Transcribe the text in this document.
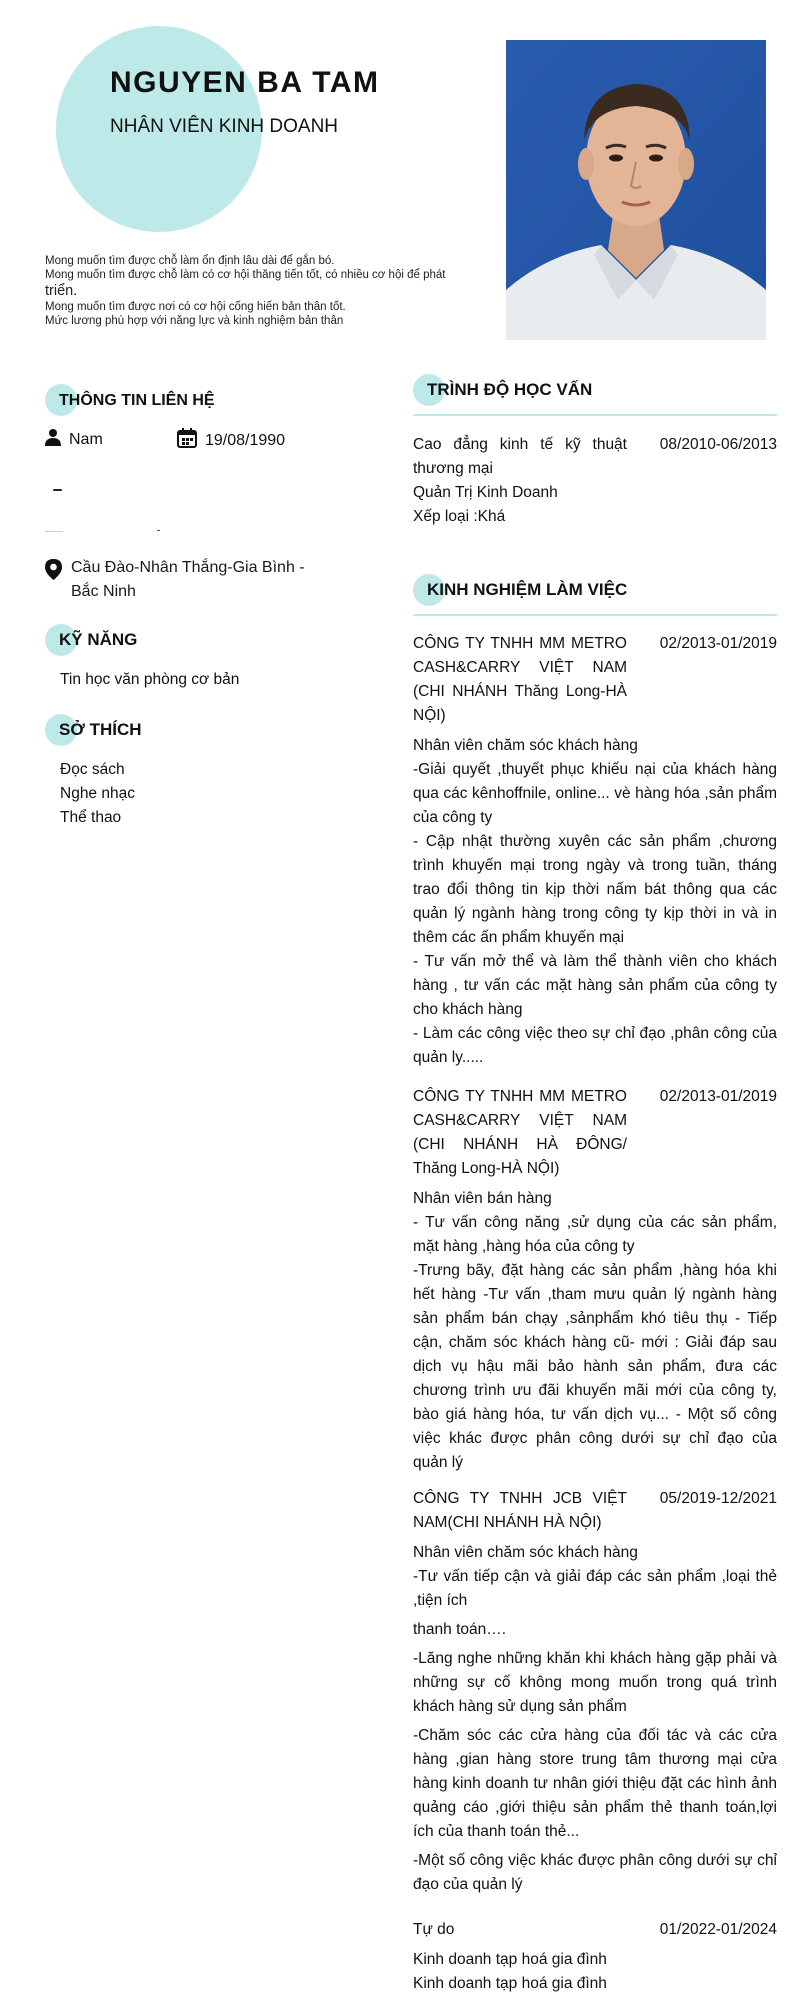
NGUYEN BA TAM
NHÂN VIÊN KINH DOANH
Mong muốn tìm được chỗ làm ổn định lâu dài để gắn bó.
Mong muốn tìm được chỗ làm có cơ hội thăng tiến tốt, có nhiều cơ hội để phát
triển.
Mong muốn tìm được nơi có cơ hội cống hiến bản thân tốt.
Mức lương phù hợp với năng lực và kinh nghiệm bản thân
THÔNG TIN LIÊN HỆ
Nam	19/08/1990
Cầu Đào-Nhân Thắng-Gia Bình - Bắc Ninh
KỸ NĂNG
Tin học văn phòng cơ bản
SỞ THÍCH
Đọc sách
Nghe nhạc
Thể thao
TRÌNH ĐỘ HỌC VẤN
Cao đẳng kinh tế kỹ thuật thương mại
08/2010-06/2013
Quản Trị Kinh Doanh
Xếp loại :Khá
KINH NGHIỆM LÀM VIỆC
CÔNG TY TNHH MM METRO CASH&CARRY VIỆT NAM (CHI NHÁNH Thăng Long-HÀ NỘI)
02/2013-01/2019
Nhân viên chăm sóc khách hàng
-Giải quyết ,thuyết phục khiếu nại của khách hàng qua các kênhoffnile, online... vè hàng hóa ,sản phẩm của công ty
- Cập nhật thường xuyên các sản phẩm ,chương trình khuyến mại trong ngày và trong tuần, tháng trao đổi thông tin kịp thời nấm bát thông qua các quản lý ngành hàng trong công ty kịp thời in và in thêm các ấn phẩm khuyến mại
- Tư vấn mở thể và làm thể thành viên cho khách hàng , tư vấn các mặt hàng sản phẩm của công ty cho khách hàng
- Làm các công việc theo sự chỉ đạo ,phân công của quản ly.....
CÔNG TY TNHH MM METRO CASH&CARRY VIỆT NAM (CHI NHÁNH HÀ ĐÔNG/ Thăng Long-HÀ NỘI)
02/2013-01/2019
Nhân viên bán hàng
- Tư vấn công năng ,sử dụng của các sản phẩm, mặt hàng ,hàng hóa của công ty
-Trưng bãy, đặt hàng các sản phẩm ,hàng hóa khi hết hàng -Tư vấn ,tham mưu quản lý ngành hàng sản phẩm bán chạy ,sảnphẩm khó tiêu thụ - Tiếp cận, chăm sóc khách hàng cũ- mới : Giải đáp sau dịch vụ hậu mãi bảo hành sản phẩm, đưa các chương trình ưu đãi khuyến mãi mới của công ty, bào giá hàng hóa, tư vấn dịch vụ... - Một số công việc khác được phân công dưới sự chỉ đạo của quản lý
CÔNG TY TNHH JCB VIỆT NAM(CHI NHÁNH HÀ NỘI)
05/2019-12/2021
Nhân viên chăm sóc khách hàng
-Tư vấn tiếp cận và giải đáp các sản phẩm ,loại thẻ ,tiện ích
thanh toán….
-Lăng nghe những khăn khi khách hàng gặp phải và những sự cố không mong muốn trong quá trình khách hàng sử dụng sản phẩm
-Chăm sóc các cửa hàng của đối tác và các cửa hàng ,gian hàng store trung tâm thương mại cửa hàng kinh doanh tư nhân giới thiệu đặt các hình ảnh quảng cáo ,giới thiệu sản phẩm thẻ thanh toán,lợi ích của thanh toán thẻ...
-Một số công việc khác được phân công dưới sự chỉ đạo của quản lý
Tự do	01/2022-01/2024
Kinh doanh tạp hoá gia đình
Kinh doanh tạp hoá gia đình
